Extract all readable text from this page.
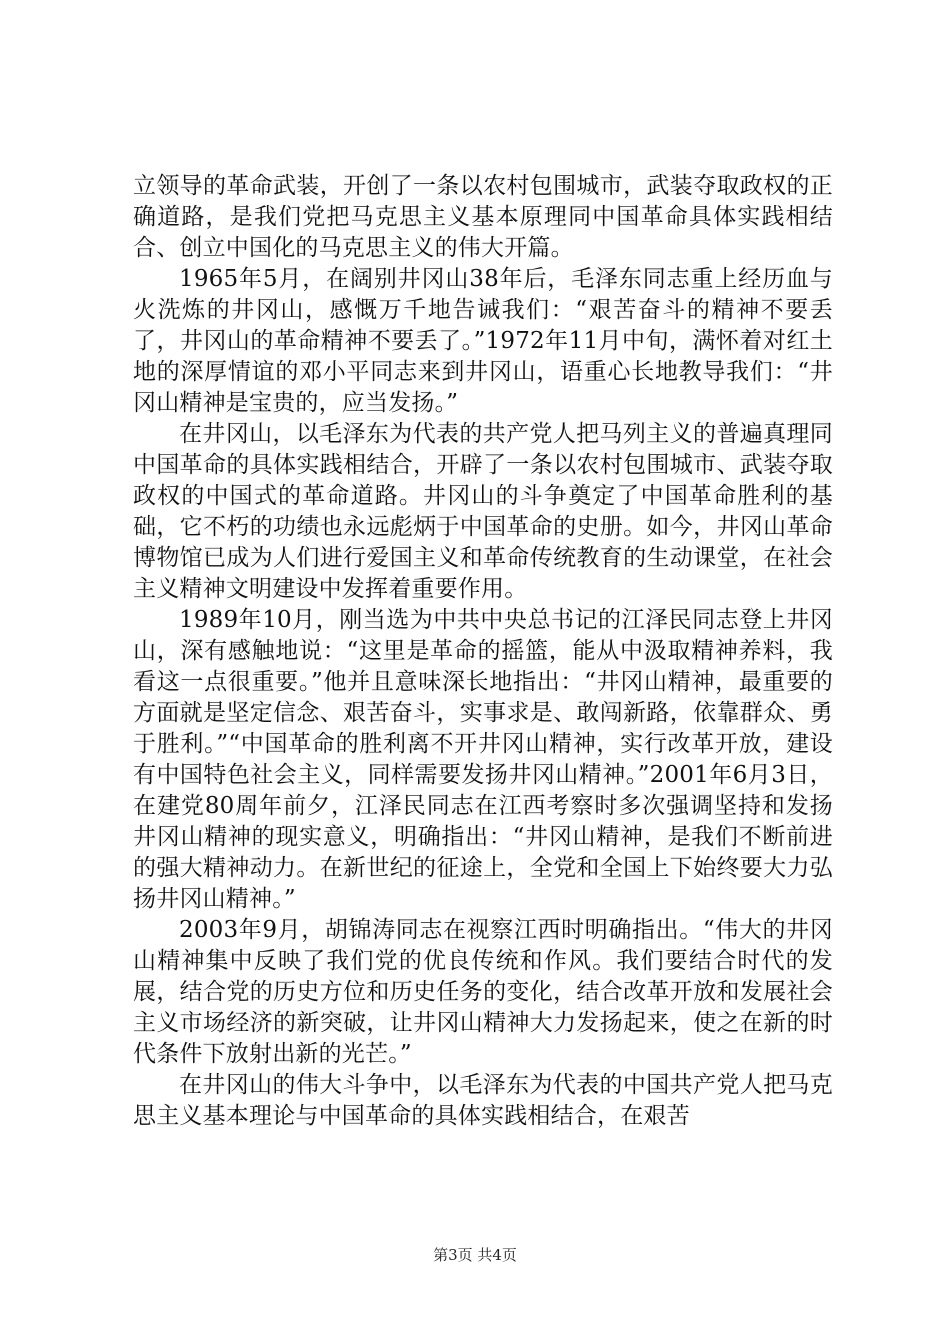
立领导的革命武装，开创了一条以农村包围城市，武装夺取政权的正确道路，是我们党把马克思主义基本原理同中国革命具体实践相结合、创立中国化的马克思主义的伟大开篇。

1965年5月，在阔别井冈山38年后，毛泽东同志重上经历血与火洗炼的井冈山，感慨万千地告诫我们：“艰苦奋斗的精神不要丢了，井冈山的革命精神不要丢了。”1972年11月中旬，满怀着对红土地的深厚情谊的邓小平同志来到井冈山，语重心长地教导我们：“井冈山精神是宝贵的，应当发扬。”

在井冈山，以毛泽东为代表的共产党人把马列主义的普遍真理同中国革命的具体实践相结合，开辟了一条以农村包围城市、武装夺取政权的中国式的革命道路。井冈山的斗争奠定了中国革命胜利的基础，它不朽的功绩也永远彪炳于中国革命的史册。如今，井冈山革命博物馆已成为人们进行爱国主义和革命传统教育的生动课堂，在社会主义精神文明建设中发挥着重要作用。

1989年10月，刚当选为中共中央总书记的江泽民同志登上井冈山，深有感触地说：“这里是革命的摇篮，能从中汲取精神养料，我看这一点很重要。”他并且意味深长地指出：“井冈山精神，最重要的方面就是坚定信念、艰苦奋斗，实事求是、敢闯新路，依靠群众、勇于胜利。”“中国革命的胜利离不开井冈山精神，实行改革开放，建设有中国特色社会主义，同样需要发扬井冈山精神。”2001年6月3日，在建党80周年前夕，江泽民同志在江西考察时多次强调坚持和发扬井冈山精神的现实意义，明确指出：“井冈山精神，是我们不断前进的强大精神动力。在新世纪的征途上，全党和全国上下始终要大力弘扬井冈山精神。”

2003年9月，胡锦涛同志在视察江西时明确指出。“伟大的井冈山精神集中反映了我们党的优良传统和作风。我们要结合时代的发展，结合党的历史方位和历史任务的变化，结合改革开放和发展社会主义市场经济的新突破，让井冈山精神大力发扬起来，使之在新的时代条件下放射出新的光芒。”

在井冈山的伟大斗争中，以毛泽东为代表的中国共产党人把马克思主义基本理论与中国革命的具体实践相结合，在艰苦

第3页 共4页
